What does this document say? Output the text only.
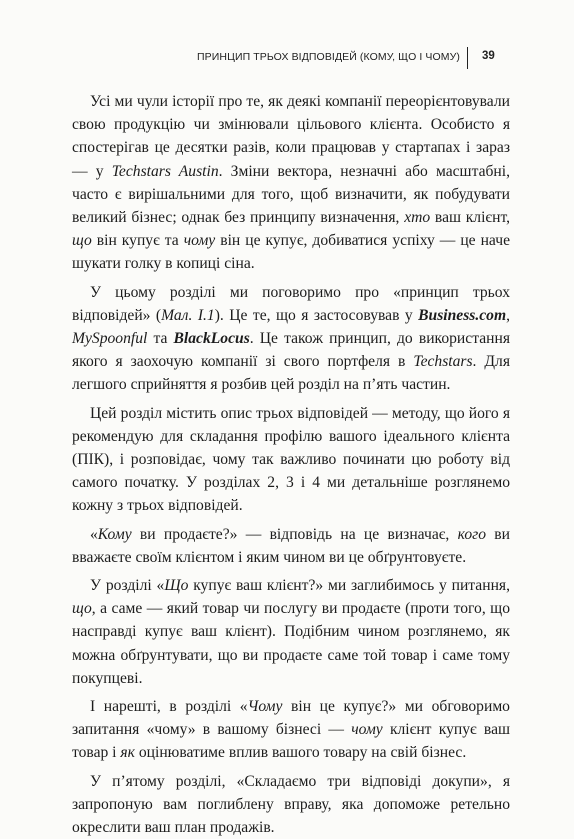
ПРИНЦИП ТРЬОХ ВІДПОВІДЕЙ (КОМУ, ЩО І ЧОМУ) 39

Усі ми чули історії про те, як деякі компанії переорієнтовували свою продукцію чи змінювали цільового клієнта. Особисто я спостерігав це десятки разів, коли працював у стартапах і зараз — у Techstars Austin. Зміни вектора, незначні або масштабні, часто є вирішальними для того, щоб визначити, як побудувати великий бізнес; однак без принципу визначення, хто ваш клієнт, що він купує та чому він це купує, добиватися успіху — це наче шукати голку в копиці сіна.

У цьому розділі ми поговоримо про «принцип трьох відповідей» (Мал. І.1). Це те, що я застосовував у Business.com, MySpoonful та BlackLocus. Це також принцип, до використання якого я заохочую компанії зі свого портфеля в Techstars. Для легшого сприйняття я розбив цей розділ на п’ять частин.

Цей розділ містить опис трьох відповідей — методу, що його я рекомендую для складання профілю вашого ідеального клієнта (ПІК), і розповідає, чому так важливо починати цю роботу від самого початку. У розділах 2, 3 і 4 ми детальніше розглянемо кожну з трьох відповідей.

«Кому ви продаєте?» — відповідь на це визначає, кого ви вважаєте своїм клієнтом і яким чином ви це обґрунтовуєте.

У розділі «Що купує ваш клієнт?» ми заглибимось у питання, що, а саме — який товар чи послугу ви продаєте (проти того, що насправді купує ваш клієнт). Подібним чином розглянемо, як можна обґрунтувати, що ви продаєте саме той товар і саме тому покупцеві.

І нарешті, в розділі «Чому він це купує?» ми обговоримо запитання «чому» в вашому бізнесі — чому клієнт купує ваш товар і як оцінюватиме вплив вашого товару на свій бізнес.

У п’ятому розділі, «Складаємо три відповіді докупи», я запропоную вам поглиблену вправу, яка допоможе ретельно окреслити ваш план продажів.
